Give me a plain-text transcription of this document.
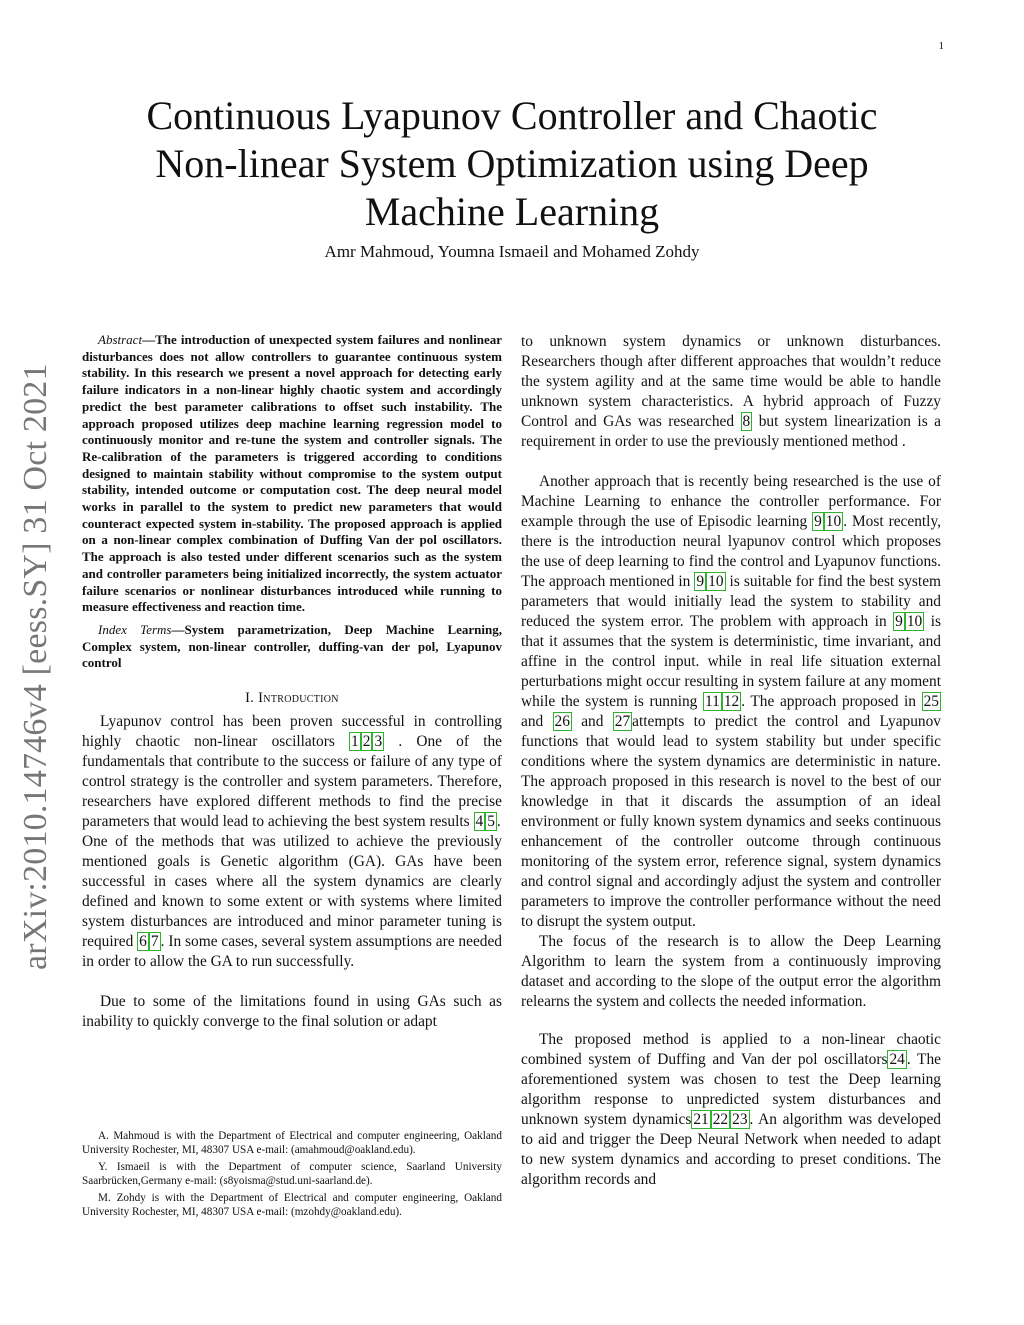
1
arXiv:2010.14746v4 [eess.SY] 31 Oct 2021
Continuous Lyapunov Controller and Chaotic
Non-linear System Optimization using Deep
Machine Learning
Amr Mahmoud, Youmna Ismaeil and Mohamed Zohdy
Abstract—The introduction of unexpected system failures and nonlinear disturbances does not allow controllers to guarantee continuous system stability. In this research we present a novel approach for detecting early failure indicators in a non-linear highly chaotic system and accordingly predict the best parameter calibrations to offset such instability. The approach proposed utilizes deep machine learning regression model to continuously monitor and re-tune the system and controller signals. The Re-calibration of the parameters is triggered according to conditions designed to maintain stability without compromise to the system output stability, intended outcome or computation cost. The deep neural model works in parallel to the system to predict new parameters that would counteract expected system in-stability. The proposed approach is applied on a non-linear complex combination of Duffing Van der pol oscillators. The approach is also tested under different scenarios such as the system and controller parameters being initialized incorrectly, the system actuator failure scenarios or nonlinear disturbances introduced while running to measure effectiveness and reaction time.
Index Terms—System parametrization, Deep Machine Learning, Complex system, non-linear controller, duffing-van der pol, Lyapunov control
I. Introduction

Lyapunov control has been proven successful in controlling highly chaotic non-linear oscillators 1 2 3 . One of the fundamentals that contribute to the success or failure of any type of control strategy is the controller and system parameters. Therefore, researchers have explored different methods to find the precise parameters that would lead to achieving the best system results 4 5 .

One of the methods that was utilized to achieve the previously mentioned goals is Genetic algorithm (GA). GAs have been successful in cases where all the system dynamics are clearly defined and known to some extent or with systems where limited system disturbances are introduced and minor parameter tuning is required 6 7 . In some cases, several system assumptions are needed in order to allow the GA to run successfully.

Due to some of the limitations found in using GAs such as inability to quickly converge to the final solution or adapt

A. Mahmoud is with the Department of Electrical and computer engineering, Oakland University Rochester, MI, 48307 USA e-mail: (amahmoud@oakland.edu).

Y. Ismaeil is with the Department of computer science, Saarland University Saarbrücken,Germany e-mail: (s8yoisma@stud.uni-saarland.de).

M. Zohdy is with the Department of Electrical and computer engineering, Oakland University Rochester, MI, 48307 USA e-mail: (mzohdy@oakland.edu).

to unknown system dynamics or unknown disturbances. Researchers though after different approaches that wouldn’t reduce the system agility and at the same time would be able to handle unknown system characteristics. A hybrid approach of Fuzzy Control and GAs was researched 8 but system linearization is a requirement in order to use the previously mentioned method .

Another approach that is recently being researched is the use of Machine Learning to enhance the controller performance. For example through the use of Episodic learning 9 10 . Most recently, there is the introduction neural lyapunov control which proposes the use of deep learning to find the control and Lyapunov functions. The approach mentioned in 9 10 is suitable for find the best system parameters that would initially lead the system to stability and reduced the system error. The problem with approach in 9 10 is that it assumes that the system is deterministic, time invariant, and affine in the control input. while in real life situation external perturbations might occur resulting in system failure at any moment while the system is running 11 12 . The approach proposed in 25 and 26 and 27 attempts to predict the control and Lyapunov functions that would lead to system stability but under specific conditions where the system dynamics are deterministic in nature. The approach proposed in this research is novel to the best of our knowledge in that it discards the assumption of an ideal environment or fully known system dynamics and seeks continuous enhancement of the controller outcome through continuous monitoring of the system error, reference signal, system dynamics and control signal and accordingly adjust the system and controller parameters to improve the controller performance without the need to disrupt the system output.

The focus of the research is to allow the Deep Learning Algorithm to learn the system from a continuously improving dataset and according to the slope of the output error the algorithm relearns the system and collects the needed information.

The proposed method is applied to a non-linear chaotic combined system of Duffing and Van der pol oscillators 24 . The aforementioned system was chosen to test the Deep learning algorithm response to unpredicted system disturbances and unknown system dynamics 21 22 23 . An algorithm was developed to aid and trigger the Deep Neural Network when needed to adapt to new system dynamics and according to preset conditions. The algorithm records and
